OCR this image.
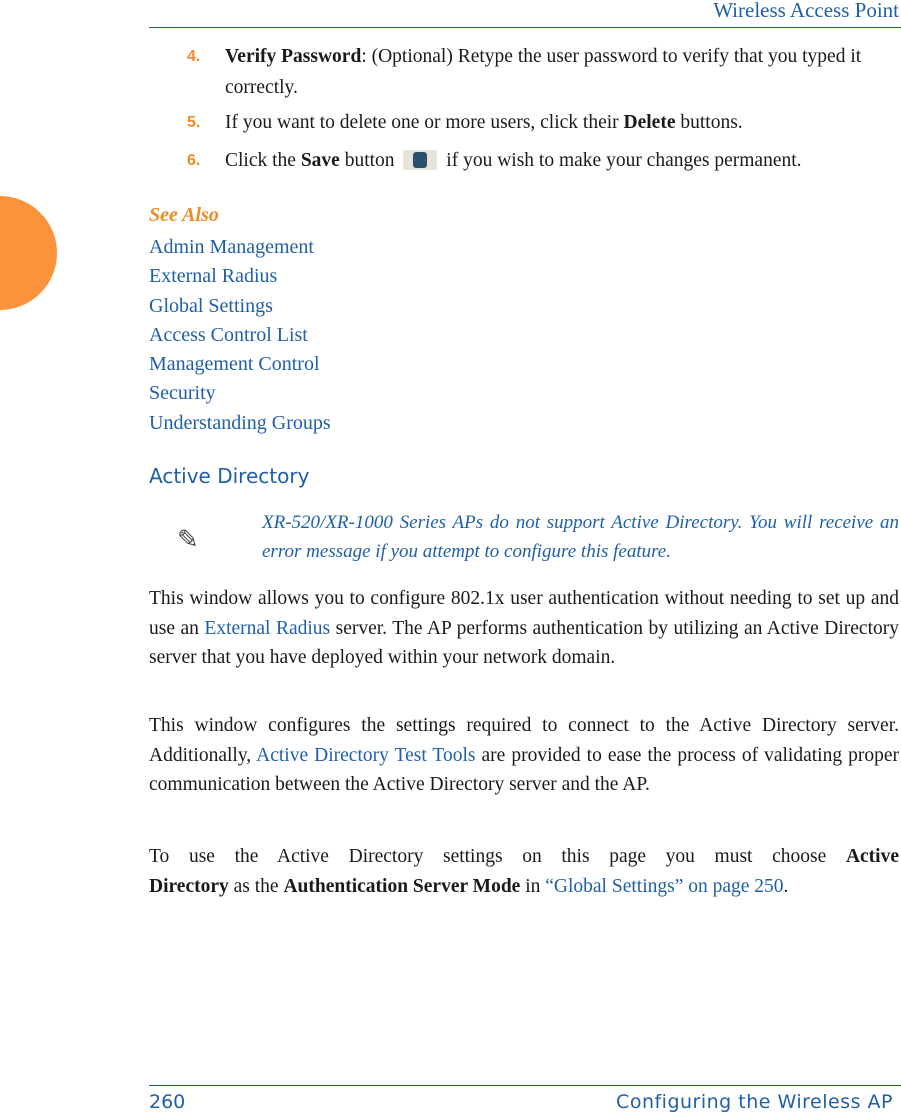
Wireless Access Point
4. Verify Password: (Optional) Retype the user password to verify that you typed it correctly.
5. If you want to delete one or more users, click their Delete buttons.
6. Click the Save button  if you wish to make your changes permanent.
See Also
Admin Management
External Radius
Global Settings
Access Control List
Management Control
Security
Understanding Groups
Active Directory
✎
XR-520/XR-1000 Series APs do not support Active Directory. You will receive an error message if you attempt to configure this feature.
This window allows you to configure 802.1x user authentication without needing to set up and use an External Radius server. The AP performs authentication by utilizing an Active Directory server that you have deployed within your network domain.
This window configures the settings required to connect to the Active Directory server. Additionally, Active Directory Test Tools are provided to ease the process of validating proper communication between the Active Directory server and the AP.
To use the Active Directory settings on this page you must choose Active
Directory as the Authentication Server Mode in “Global Settings” on page 250.
260	Configuring the Wireless AP
